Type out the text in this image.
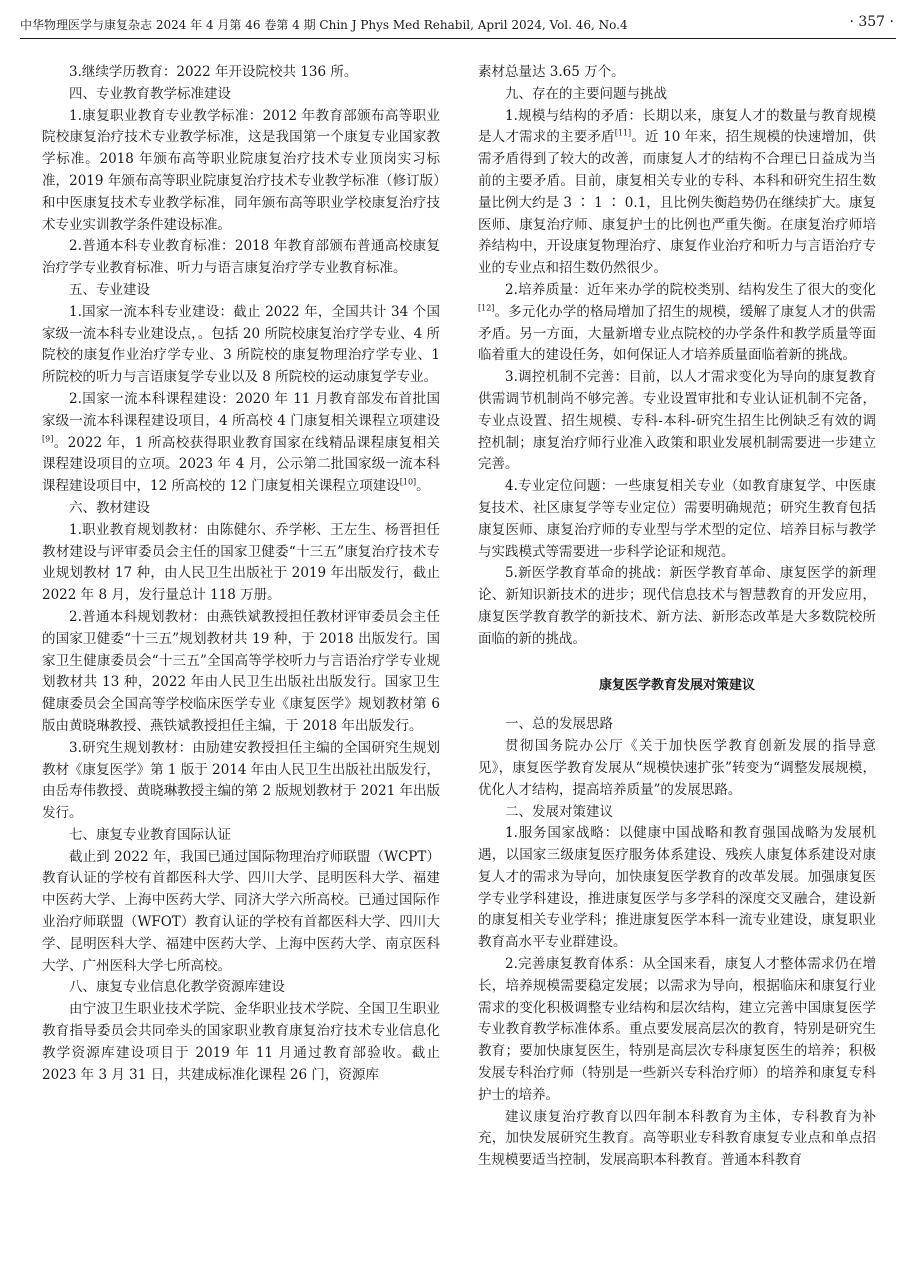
中华物理医学与康复杂志 2024 年 4 月第 46 卷第 4 期 Chin J Phys Med Rehabil, April 2024, Vol. 46, No.4	· 357 ·

3.继续学历教育：2022 年开设院校共 136 所。

四、专业教育教学标准建设

1.康复职业教育专业教学标准：2012 年教育部颁布高等职业院校康复治疗技术专业教学标准，这是我国第一个康复专业国家教学标准。2018 年颁布高等职业院康复治疗技术专业顶岗实习标准，2019 年颁布高等职业院康复治疗技术专业教学标准（修订版）和中医康复技术专业教学标准，同年颁布高等职业学校康复治疗技术专业实训教学条件建设标准。

2.普通本科专业教育标准：2018 年教育部颁布普通高校康复治疗学专业教育标准、听力与语言康复治疗学专业教育标准。

五、专业建设

1.国家一流本科专业建设：截止 2022 年，全国共计 34 个国家级一流本科专业建设点，。包括 20 所院校康复治疗学专业、4 所院校的康复作业治疗学专业、3 所院校的康复物理治疗学专业、1 所院校的听力与言语康复学专业以及 8 所院校的运动康复学专业。

2.国家一流本科课程建设：2020 年 11 月教育部发布首批国家级一流本科课程建设项目，4 所高校 4 门康复相关课程立项建设[9]。2022 年，1 所高校获得职业教育国家在线精品课程康复相关课程建设项目的立项。2023 年 4 月，公示第二批国家级一流本科课程建设项目中，12 所高校的 12 门康复相关课程立项建设[10]。

六、教材建设

1.职业教育规划教材：由陈健尔、乔学彬、王左生、杨晋担任教材建设与评审委员会主任的国家卫健委“十三五”康复治疗技术专业规划教材 17 种，由人民卫生出版社于 2019 年出版发行，截止 2022 年 8 月，发行量总计 118 万册。

2.普通本科规划教材：由燕铁斌教授担任教材评审委员会主任的国家卫健委“十三五”规划教材共 19 种，于 2018 出版发行。国家卫生健康委员会“十三五”全国高等学校听力与言语治疗学专业规划教材共 13 种，2022 年由人民卫生出版社出版发行。国家卫生健康委员会全国高等学校临床医学专业《康复医学》规划教材第 6 版由黄晓琳教授、燕铁斌教授担任主编，于 2018 年出版发行。

3.研究生规划教材：由励建安教授担任主编的全国研究生规划教材《康复医学》第 1 版于 2014 年由人民卫生出版社出版发行，由岳寿伟教授、黄晓琳教授主编的第 2 版规划教材于 2021 年出版发行。

七、康复专业教育国际认证

截止到 2022 年，我国已通过国际物理治疗师联盟（WCPT）教育认证的学校有首都医科大学、四川大学、昆明医科大学、福建中医药大学、上海中医药大学、同济大学六所高校。已通过国际作业治疗师联盟（WFOT）教育认证的学校有首都医科大学、四川大学、昆明医科大学、福建中医药大学、上海中医药大学、南京医科大学、广州医科大学七所高校。

八、康复专业信息化教学资源库建设

由宁波卫生职业技术学院、金华职业技术学院、全国卫生职业教育指导委员会共同牵头的国家职业教育康复治疗技术专业信息化教学资源库建设项目于 2019 年 11 月通过教育部验收。截止 2023 年 3 月 31 日，共建成标准化课程 26 门，资源库

素材总量达 3.65 万个。

九、存在的主要问题与挑战

1.规模与结构的矛盾：长期以来，康复人才的数量与教育规模是人才需求的主要矛盾[11]。近 10 年来，招生规模的快速增加，供需矛盾得到了较大的改善，而康复人才的结构不合理已日益成为当前的主要矛盾。目前，康复相关专业的专科、本科和研究生招生数量比例大约是 3 ∶ 1 ∶ 0.1，且比例失衡趋势仍在继续扩大。康复医师、康复治疗师、康复护士的比例也严重失衡。在康复治疗师培养结构中，开设康复物理治疗、康复作业治疗和听力与言语治疗专业的专业点和招生数仍然很少。

2.培养质量：近年来办学的院校类别、结构发生了很大的变化[12]。多元化办学的格局增加了招生的规模，缓解了康复人才的供需矛盾。另一方面，大量新增专业点院校的办学条件和教学质量等面临着重大的建设任务，如何保证人才培养质量面临着新的挑战。

3.调控机制不完善：目前，以人才需求变化为导向的康复教育供需调节机制尚不够完善。专业设置审批和专业认证机制不完备，专业点设置、招生规模、专科-本科-研究生招生比例缺乏有效的调控机制；康复治疗师行业准入政策和职业发展机制需要进一步建立完善。

4.专业定位问题：一些康复相关专业（如教育康复学、中医康复技术、社区康复学等专业定位）需要明确规范；研究生教育包括康复医师、康复治疗师的专业型与学术型的定位、培养目标与教学与实践模式等需要进一步科学论证和规范。

5.新医学教育革命的挑战：新医学教育革命、康复医学的新理论、新知识新技术的进步；现代信息技术与智慧教育的开发应用，康复医学教育教学的新技术、新方法、新形态改革是大多数院校所面临的新的挑战。

康复医学教育发展对策建议

一、总的发展思路

贯彻国务院办公厅《关于加快医学教育创新发展的指导意见》，康复医学教育发展从“规模快速扩张”转变为“调整发展规模，优化人才结构，提高培养质量”的发展思路。

二、发展对策建议

1.服务国家战略：以健康中国战略和教育强国战略为发展机遇，以国家三级康复医疗服务体系建设、残疾人康复体系建设对康复人才的需求为导向，加快康复医学教育的改革发展。加强康复医学专业学科建设，推进康复医学与多学科的深度交叉融合，建设新的康复相关专业学科；推进康复医学本科一流专业建设，康复职业教育高水平专业群建设。

2.完善康复教育体系：从全国来看，康复人才整体需求仍在增长，培养规模需要稳定发展；以需求为导向，根据临床和康复行业需求的变化积极调整专业结构和层次结构，建立完善中国康复医学专业教育教学标准体系。重点要发展高层次的教育，特别是研究生教育；要加快康复医生，特别是高层次专科康复医生的培养；积极发展专科治疗师（特别是一些新兴专科治疗师）的培养和康复专科护士的培养。

建议康复治疗教育以四年制本科教育为主体，专科教育为补充，加快发展研究生教育。高等职业专科教育康复专业点和单点招生规模要适当控制，发展高职本科教育。普通本科教育
